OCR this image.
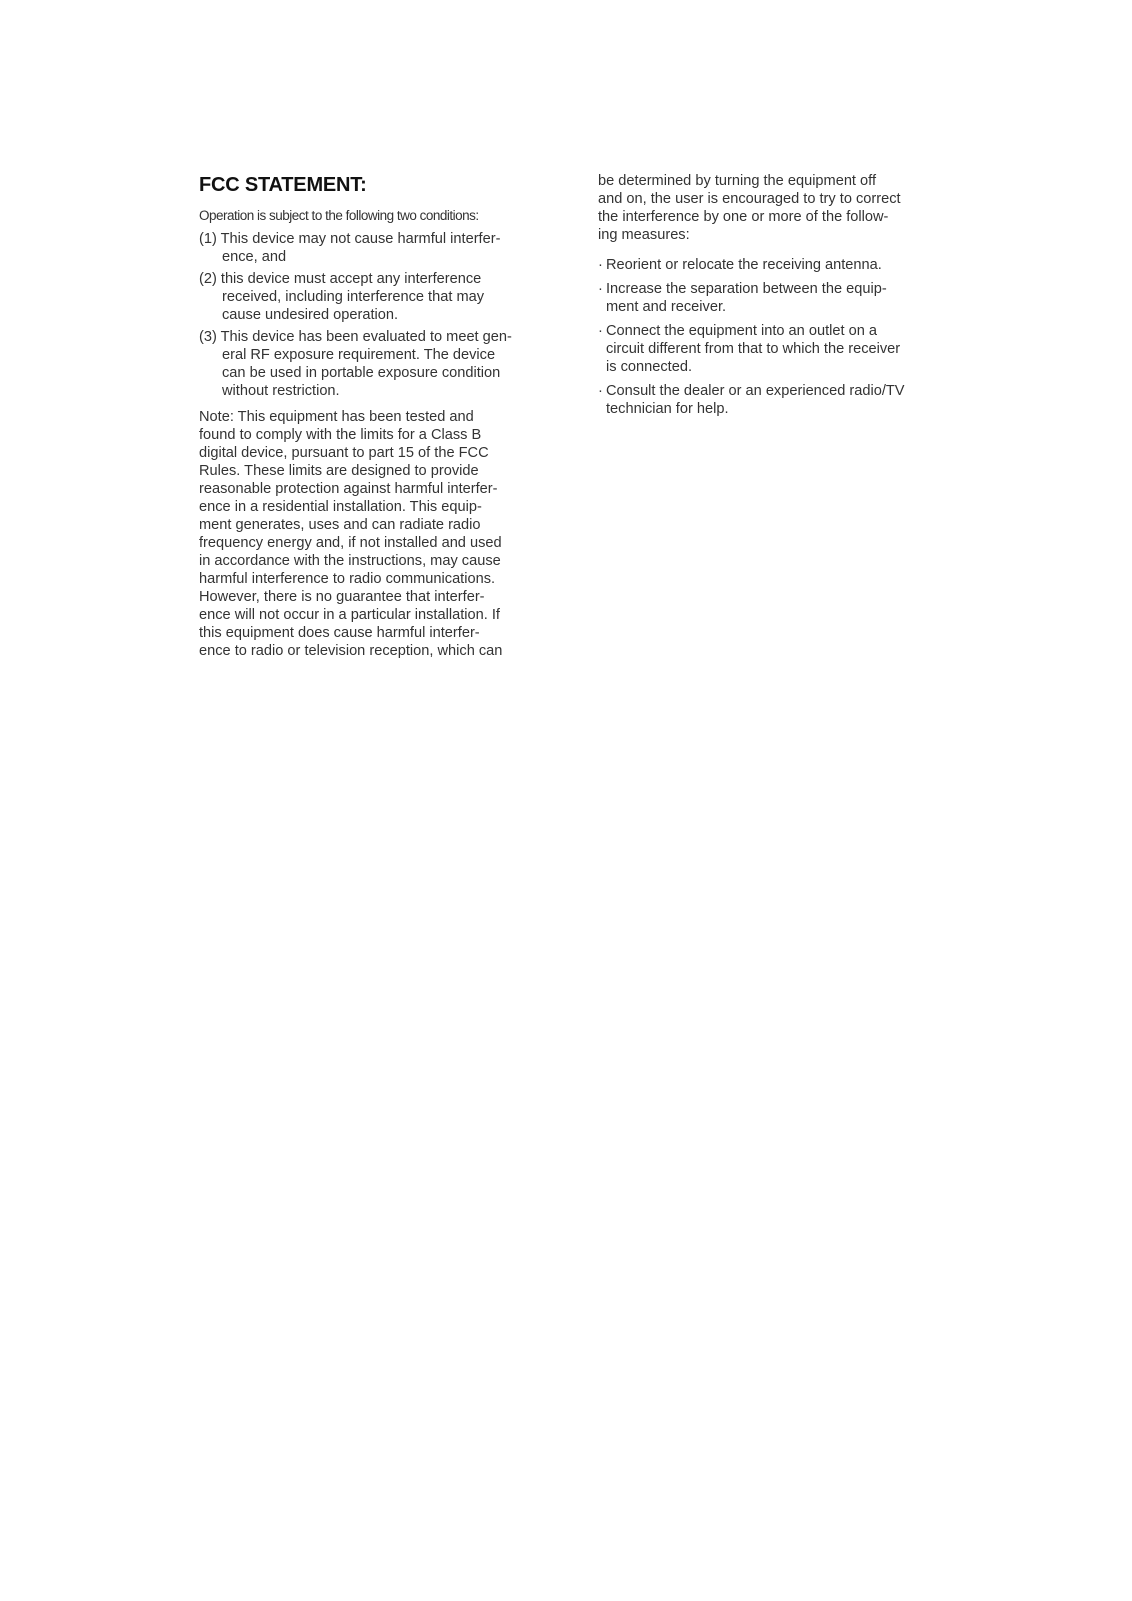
FCC STATEMENT:
Operation is subject to the following two conditions:
(1) This device may not cause harmful interfer-
ence, and
(2) this device must accept any interference
received, including interference that may
cause undesired operation.
(3) This device has been evaluated to meet gen-
eral RF exposure requirement. The device
can be used in portable exposure condition
without restriction.
Note: This equipment has been tested and
found to comply with the limits for a Class B
digital device, pursuant to part 15 of the FCC
Rules. These limits are designed to provide
reasonable protection against harmful interfer-
ence in a residential installation. This equip-
ment generates, uses and can radiate radio
frequency energy and, if not installed and used
in accordance with the instructions, may cause
harmful interference to radio communications.
However, there is no guarantee that interfer-
ence will not occur in a particular installation. If
this equipment does cause harmful interfer-
ence to radio or television reception, which can
be determined by turning the equipment off
and on, the user is encouraged to try to correct
the interference by one or more of the follow-
ing measures:
· Reorient or relocate the receiving antenna.
· Increase the separation between the equip-
ment and receiver.
· Connect the equipment into an outlet on a
circuit different from that to which the receiver
is connected.
· Consult the dealer or an experienced radio/TV
technician for help.
